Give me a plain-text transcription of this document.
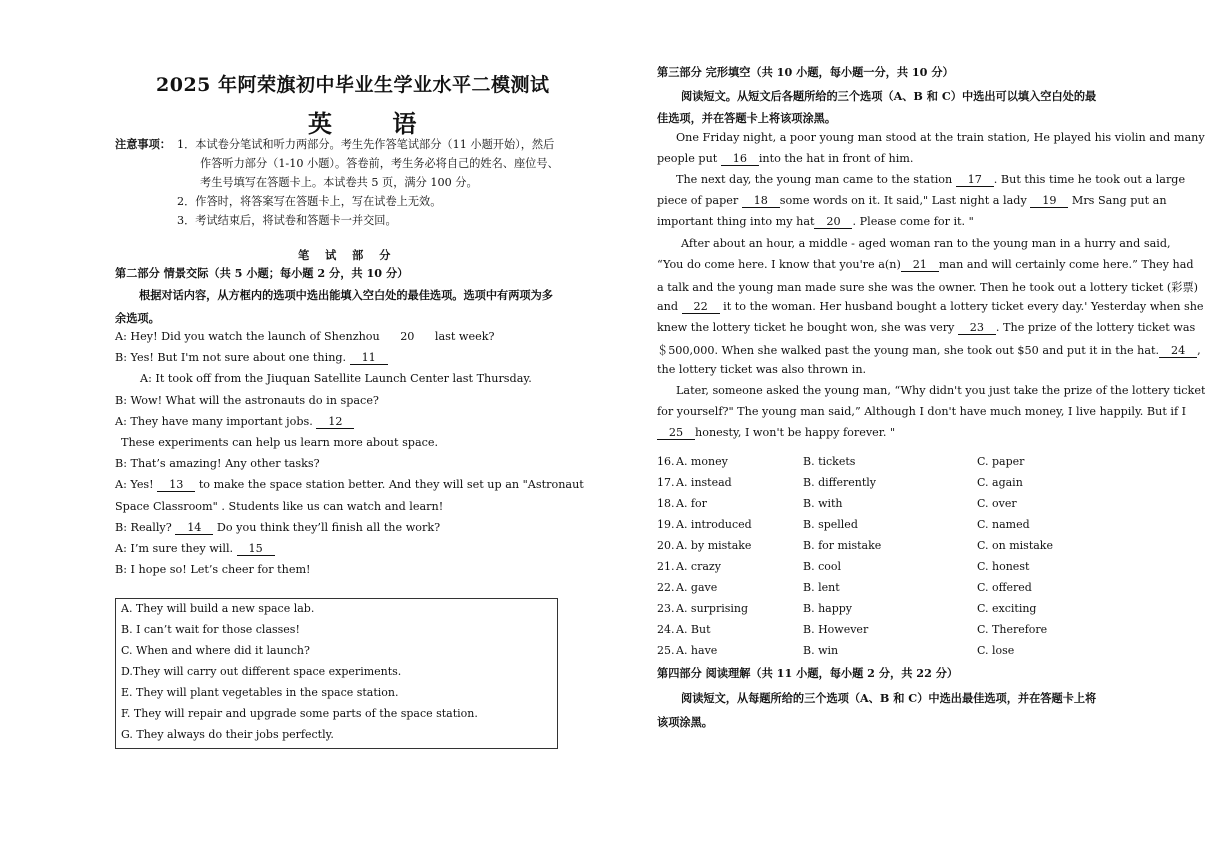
2025 年阿荣旗初中毕业生学业水平二模测试
英 语
注意事项： 1．本试卷分笔试和听力两部分。考生先作答笔试部分（11 小题开始），然后
作答听力部分（1-10 小题）。答卷前，考生务必将自己的姓名、座位号、
考生号填写在答题卡上。本试卷共 5 页，满分 100 分。
2．作答时，将答案写在答题卡上，写在试卷上无效。
3．考试结束后，将试卷和答题卡一并交回。
笔 试 部 分
第二部分 情景交际（共 5 小题；每小题 2 分，共 10 分）
根据对话内容，从方框内的选项中选出能填入空白处的最佳选项。选项中有两项为多
余选项。
A: Hey! Did you watch the launch of Shenzhou 20 last week?
B: Yes! But I'm not sure about one thing. 11
A: It took off from the Jiuquan Satellite Launch Center last Thursday.
B: Wow! What will the astronauts do in space?
A: They have many important jobs. 12
These experiments can help us learn more about space.
B: That’s amazing! Any other tasks?
A: Yes! 13 to make the space station better. And they will set up an "Astronaut
Space Classroom" . Students like us can watch and learn!
B: Really? 14 Do you think they’ll finish all the work?
A: I’m sure they will. 15
B: I hope so! Let’s cheer for them!
A. They will build a new space lab.
B. I can’t wait for those classes!
C. When and where did it launch?
D.They will carry out different space experiments.
E. They will plant vegetables in the space station.
F. They will repair and upgrade some parts of the space station.
G. They always do their jobs perfectly.
第三部分 完形填空（共 10 小题，每小题一分，共 10 分）
阅读短文。从短文后各题所给的三个选项（A、B 和 C）中选出可以填入空白处的最
佳选项，并在答题卡上将该项涂黑。
One Friday night, a poor young man stood at the train station, He played his violin and many
people put 16 into the hat in front of him.
The next day, the young man came to the station 17 . But this time he took out a large
piece of paper 18 some words on it. It said," Last night a lady 19 Mrs Sang put an
important thing into my hat 20 . Please come for it. "
After about an hour, a middle - aged woman ran to the young man in a hurry and said,
“You do come here. I know that you're a(n) 21 man and will certainly come here.” They had
a talk and the young man made sure she was the owner. Then he took out a lottery ticket (彩票)
and 22 it to the woman. Her husband bought a lottery ticket every day.' Yesterday when she
knew the lottery ticket he bought won, she was very 23 . The prize of the lottery ticket was
＄500,000. When she walked past the young man, she took out $50 and put it in the hat. 24 ,
the lottery ticket was also thrown in.
Later, someone asked the young man, “Why didn't you just take the prize of the lottery ticket
for yourself?" The young man said,” Although I don't have much money, I live happily. But if I
25 honesty, I won't be happy forever. "
16. A. money	B. tickets	C. paper
17. A. instead	B. differently	C. again
18. A. for	B. with	C. over
19. A. introduced	B. spelled	C. named
20. A. by mistake	B. for mistake	C. on mistake
21. A. crazy	B. cool	C. honest
22. A. gave	B. lent	C. offered
23. A. surprising	B. happy	C. exciting
24. A. But	B. However	C. Therefore
25. A. have	B. win	C. lose
第四部分 阅读理解（共 11 小题，每小题 2 分，共 22 分）
阅读短文，从每题所给的三个选项（A、B 和 C）中选出最佳选项，并在答题卡上将
该项涂黑。
